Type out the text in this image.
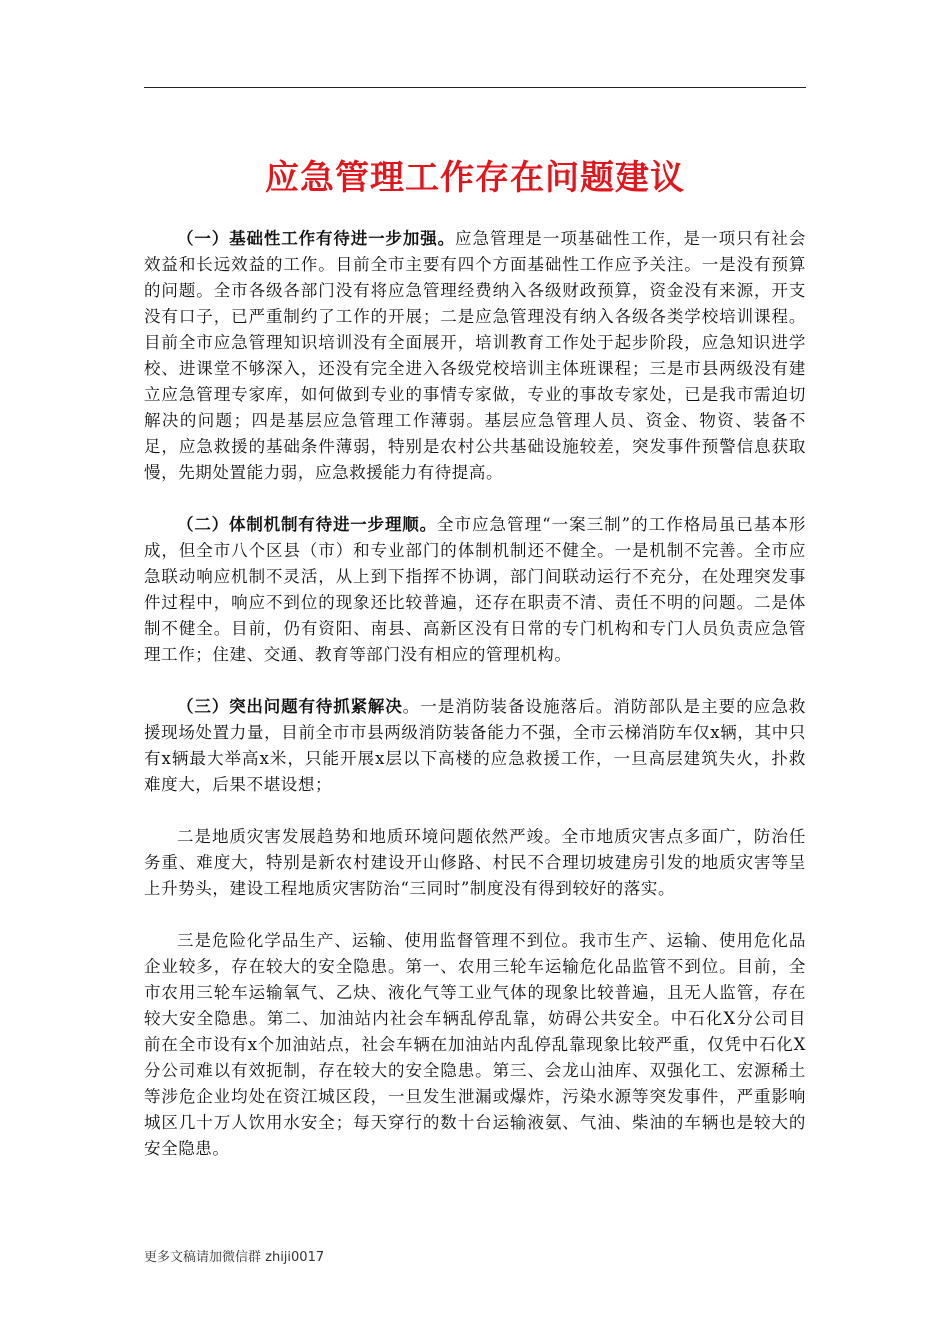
应急管理工作存在问题建议

（一）基础性工作有待进一步加强。应急管理是一项基础性工作，是一项只有社会效益和长远效益的工作。目前全市主要有四个方面基础性工作应予关注。一是没有预算的问题。全市各级各部门没有将应急管理经费纳入各级财政预算，资金没有来源，开支没有口子，已严重制约了工作的开展；二是应急管理没有纳入各级各类学校培训课程。目前全市应急管理知识培训没有全面展开，培训教育工作处于起步阶段，应急知识进学校、进课堂不够深入，还没有完全进入各级党校培训主体班课程；三是市县两级没有建立应急管理专家库，如何做到专业的事情专家做，专业的事故专家处，已是我市需迫切解决的问题；四是基层应急管理工作薄弱。基层应急管理人员、资金、物资、装备不足，应急救援的基础条件薄弱，特别是农村公共基础设施较差，突发事件预警信息获取慢，先期处置能力弱，应急救援能力有待提高。

（二）体制机制有待进一步理顺。全市应急管理“一案三制”的工作格局虽已基本形成，但全市八个区县（市）和专业部门的体制机制还不健全。一是机制不完善。全市应急联动响应机制不灵活，从上到下指挥不协调，部门间联动运行不充分，在处理突发事件过程中，响应不到位的现象还比较普遍，还存在职责不清、责任不明的问题。二是体制不健全。目前，仍有资阳、南县、高新区没有日常的专门机构和专门人员负责应急管理工作；住建、交通、教育等部门没有相应的管理机构。

（三）突出问题有待抓紧解决。一是消防装备设施落后。消防部队是主要的应急救援现场处置力量，目前全市市县两级消防装备能力不强，全市云梯消防车仅x辆，其中只有x辆最大举高x米，只能开展x层以下高楼的应急救援工作，一旦高层建筑失火，扑救难度大，后果不堪设想；

二是地质灾害发展趋势和地质环境问题依然严竣。全市地质灾害点多面广，防治任务重、难度大，特别是新农村建设开山修路、村民不合理切坡建房引发的地质灾害等呈上升势头，建设工程地质灾害防治“三同时”制度没有得到较好的落实。

三是危险化学品生产、运输、使用监督管理不到位。我市生产、运输、使用危化品企业较多，存在较大的安全隐患。第一、农用三轮车运输危化品监管不到位。目前，全市农用三轮车运输氧气、乙炔、液化气等工业气体的现象比较普遍，且无人监管，存在较大安全隐患。第二、加油站内社会车辆乱停乱靠，妨碍公共安全。中石化X分公司目前在全市设有x个加油站点，社会车辆在加油站内乱停乱靠现象比较严重，仅凭中石化X分公司难以有效扼制，存在较大的安全隐患。第三、会龙山油库、双强化工、宏源稀土等涉危企业均处在资江城区段，一旦发生泄漏或爆炸，污染水源等突发事件，严重影响城区几十万人饮用水安全；每天穿行的数十台运输液氨、气油、柴油的车辆也是较大的安全隐患。

更多文稿请加微信群 zhiji0017
